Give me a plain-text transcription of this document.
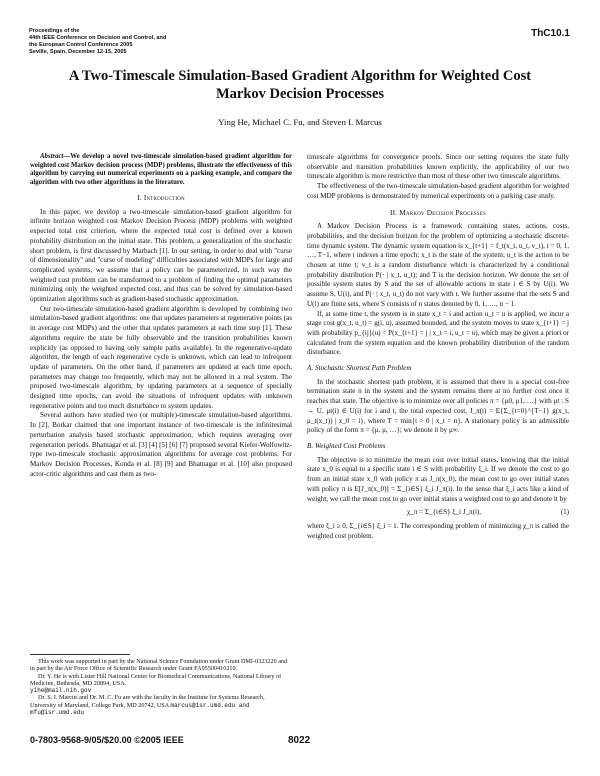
Proceedings of the
44th IEEE Conference on Decision and Control, and
the European Control Conference 2005
Seville, Spain, December 12-15, 2005
ThC10.1
A Two-Timescale Simulation-Based Gradient Algorithm for Weighted Cost
Markov Decision Processes
Ying He, Michael C. Fu, and Steven I. Marcus

Abstract—We develop a novel two-timescale simulation-based gradient algorithm for weighted cost Markov decision process (MDP) problems, illustrate the effectiveness of this algorithm by carrying out numerical experiments on a parking example, and compare the algorithm with two other algorithms in the literature.

I. Introduction

In this paper, we develop a two-timescale simulation-based gradient algorithm for infinite horizon weighted cost Markov Decision Process (MDP) problems with weighted expected total cost criterion, where the expected total cost is defined over a known probability distribution on the initial state. This problem, a generalization of the stochastic short problem, is first discussed by Marbach [1]. In our setting, in order to deal with "curse of dimensionality" and "curse of modeling" difficulties associated with MDPs for large and complicated systems, we assume that a policy can be parameterized, in such way the weighted cost problem can be transformed to a problem of finding the optimal parameters minimizing only the weighted expected cost, and thus can be solved by simulation-based optimization algorithms such as gradient-based stochastic approximation.

Our two-timescale simulation-based gradient algorithm is developed by combining two simulation-based gradient algorithms: one that updates parameters at regenerative points (as in average cost MDPs) and the other that updates parameters at each time step [1]. These algorithms require the state be fully observable and the transition probabilities known explicitly (as opposed to having only sample paths available). In the regenerative-update algorithm, the length of each regenerative cycle is unknown, which can lead to infrequent update of parameters. On the other hand, if parameters are updated at each time epoch, parameters may change too frequently, which may not be allowed in a real system. The proposed two-timescale algorithm, by updating parameters at a sequence of specially designed time epochs, can avoid the situations of infrequent updates with unknown regenerative points and too much disturbance to system updates.

Several authors have studied two (or multiple)-timescale simulation-based algorithms. In [2], Borkar claimed that one important instance of two-timescale is the infinitesimal perturbation analysis based stochastic approximation, which requires averaging over regeneration periods. Bhatnagar et al. [3] [4] [5] [6] [7] proposed several Kiefer-Wolfowitz-type two-timescale stochastic approximation algorithms for average cost problems. For Markov Decision Processes, Konda et al. [8] [9] and Bhatnagar et al. [10] also proposed actor-critic algorithms and cast them as two-

This work was supported in part by the National Science Foundation under Grant DMI-0323220 and in part by the Air Force Office of Scientific Research under Grant FA95500410210.

Dr. Y. He is with Lister Hill National Center for Biomedical Communications, National Library of Medicine, Bethesda, MD 20894, USA.
yihe@mail.nih.gov

Dr. S. I. Marcus and Dr. M. C. Fu are with the faculty in the Institute for Systems Research, University of Maryland, College Park, MD 20742, USA marcus@isr.umd.edu and mfu@isr.umd.edu

timescale algorithms for convergence proofs. Since our setting requires the state fully observable and transition probabilities known explicitly, the applicability of our two timescale algorithm is more restrictive than most of these other two timescale algorithms.

The effectiveness of the two-timescale simulation-based gradient algorithm for weighted cost MDP problems is demonstrated by numerical experiments on a parking case study.

II. Markov Decision Processes

A Markov Decision Process is a framework containing states, actions, costs, probabilities, and the decision horizon for the problem of optimizing a stochastic discrete-time dynamic system. The dynamic system equation is x_{t+1} = f_t(x_t, u_t, v_t), t = 0, 1, …, T−1, where t indexes a time epoch; x_t is the state of the system; u_t is the action to be chosen at time t; v_t is a random disturbance which is characterized by a conditional probability distribution P(· | x_t, u_t); and T is the decision horizon. We denote the set of possible system states by S and the set of allowable actions in state i ∈ S by U(i). We assume S, U(i), and P(· | x_t, u_t) do not vary with t. We further assume that the sets S and U(i) are finite sets, where S consists of n states denoted by 0, 1, …, n − 1.

If, at some time t, the system is in state x_t = i and action u_t = u is applied, we incur a stage cost g(x_t, u_t) = g(i, u), assumed bounded, and the system moves to state x_{t+1} = j with probability p_{ij}(u) = P(x_{t+1} = j | x_t = i, u_t = u), which may be given a priori or calculated from the system equation and the known probability distribution of the random disturbance.

A. Stochastic Shortest Path Problem

In the stochastic shortest path problem, it is assumed that there is a special cost-free termination state n in the system and the system remains there at no further cost once it reaches that state. The objective is to minimize over all policies π = {μ0, μ1, …} with μt : S → U, μt(i) ∈ U(i) for i and t, the total expected cost, J_π(i) = E{Σ_{t=0}^{T−1} g(x_t, μ_t(x_t)) | x_0 = i}, where T = min{t > 0 | x_t = n}. A stationary policy is an admissible policy of the form π = {μ, μ, …}; we denote it by μ∞.

B. Weighted Cost Problems

The objective is to minimize the mean cost over initial states, knowing that the initial state x_0 is equal to a specific state i ∈ S with probability ξ_i. If we denote the cost to go from an initial state x_0 with policy π as J_π(x_0), the mean cost to go over initial states with policy π is E[J_π(x_0)] = Σ_{i∈S} ξ_i J_π(i). In the sense that ξ_i acts like a kind of weight, we call the mean cost to go over initial states a weighted cost to go and denote it by

χ_π = Σ_{i∈S} ξ_i J_π(i),	(1)

where ξ_i ≥ 0, Σ_{i∈S} ξ_i = 1. The corresponding problem of minimizing χ_π is called the weighted cost problem.

0-7803-9568-9/05/$20.00 ©2005 IEEE	8022
